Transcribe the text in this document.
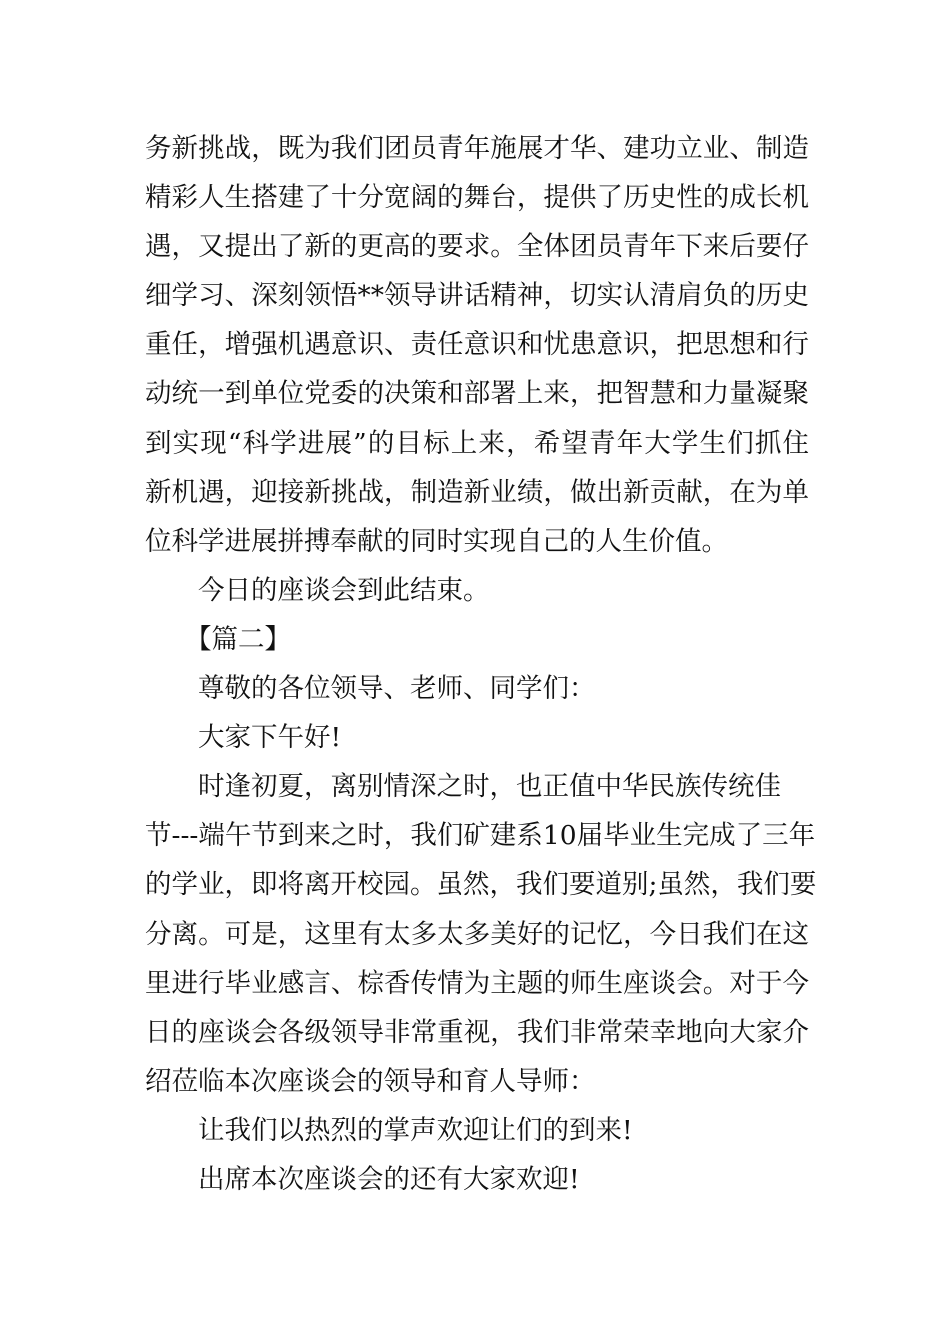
务新挑战，既为我们团员青年施展才华、建功立业、制造
精彩人生搭建了十分宽阔的舞台，提供了历史性的成长机
遇，又提出了新的更高的要求。全体团员青年下来后要仔
细学习、深刻领悟**领导讲话精神，切实认清肩负的历史
重任，增强机遇意识、责任意识和忧患意识，把思想和行
动统一到单位党委的决策和部署上来，把智慧和力量凝聚
到实现“科学进展”的目标上来，希望青年大学生们抓住
新机遇，迎接新挑战，制造新业绩，做出新贡献，在为单
位科学进展拼搏奉献的同时实现自己的人生价值。
今日的座谈会到此结束。
【篇二】
尊敬的各位领导、老师、同学们：
大家下午好!
时逢初夏，离别情深之时，也正值中华民族传统佳
节---端午节到来之时，我们矿建系10届毕业生完成了三年
的学业，即将离开校园。虽然，我们要道别;虽然，我们要
分离。可是，这里有太多太多美好的记忆，今日我们在这
里进行毕业感言、棕香传情为主题的师生座谈会。对于今
日的座谈会各级领导非常重视，我们非常荣幸地向大家介
绍莅临本次座谈会的领导和育人导师：
让我们以热烈的掌声欢迎让们的到来!
出席本次座谈会的还有大家欢迎!
